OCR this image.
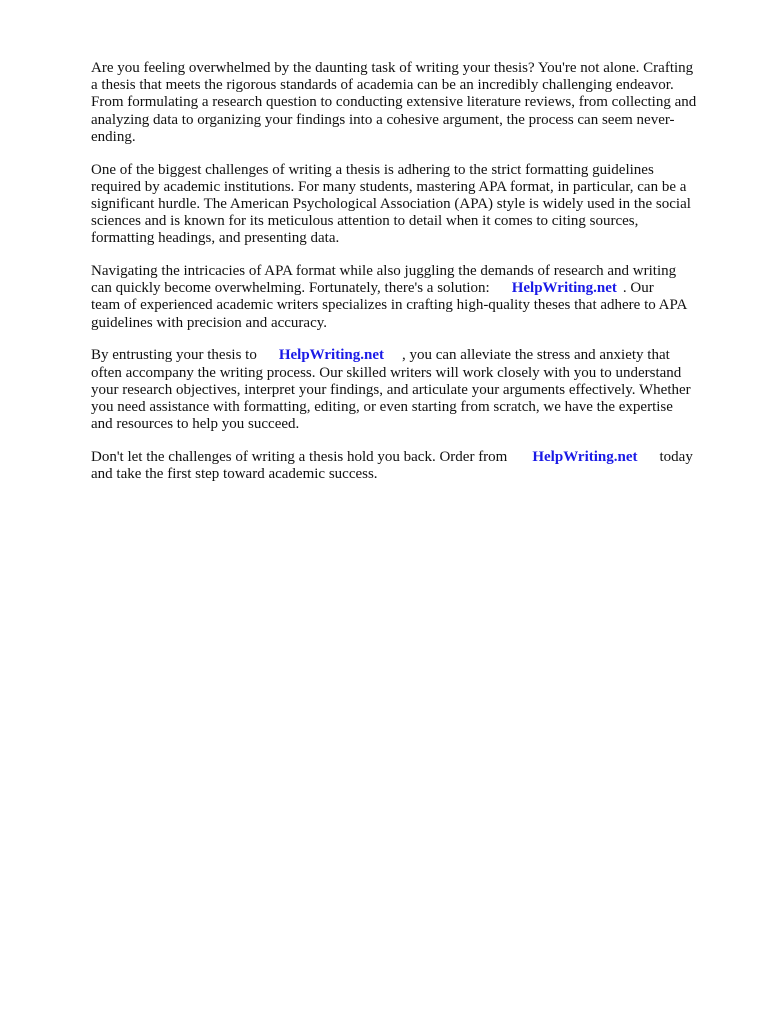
Are you feeling overwhelmed by the daunting task of writing your thesis? You're not alone. Crafting
a thesis that meets the rigorous standards of academia can be an incredibly challenging endeavor.
From formulating a research question to conducting extensive literature reviews, from collecting and
analyzing data to organizing your findings into a cohesive argument, the process can seem never-
ending.

One of the biggest challenges of writing a thesis is adhering to the strict formatting guidelines
required by academic institutions. For many students, mastering APA format, in particular, can be a
significant hurdle. The American Psychological Association (APA) style is widely used in the social
sciences and is known for its meticulous attention to detail when it comes to citing sources,
formatting headings, and presenting data.

Navigating the intricacies of APA format while also juggling the demands of research and writing
can quickly become overwhelming. Fortunately, there's a solution: HelpWriting.net . Our
team of experienced academic writers specializes in crafting high-quality theses that adhere to APA
guidelines with precision and accuracy.

By entrusting your thesis to HelpWriting.net , you can alleviate the stress and anxiety that
often accompany the writing process. Our skilled writers will work closely with you to understand
your research objectives, interpret your findings, and articulate your arguments effectively. Whether
you need assistance with formatting, editing, or even starting from scratch, we have the expertise
and resources to help you succeed.

Don't let the challenges of writing a thesis hold you back. Order from HelpWriting.net today
and take the first step toward academic success.
